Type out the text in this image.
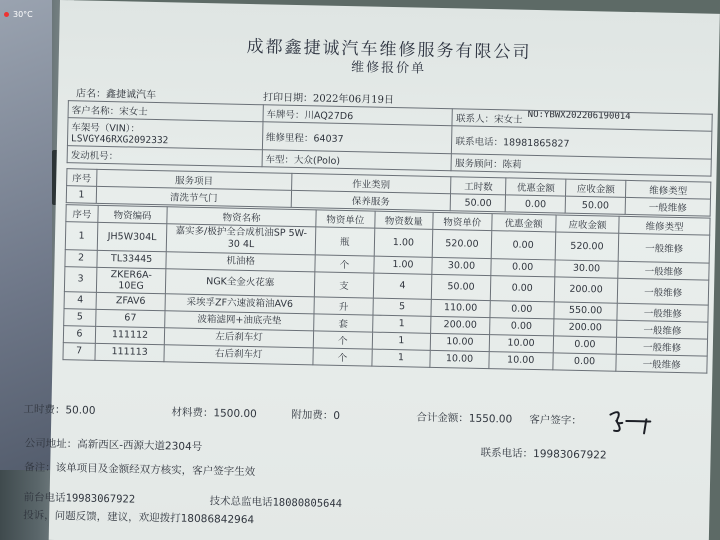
30°C
成都鑫捷诚汽车维修服务有限公司
维修报价单
店名：鑫捷诚汽车	打印日期：2022年06月19日
NO:YBWX202206190014
客户名称：宋女士	车牌号：川AQ27D6	联系人：宋女士

车架号（VIN）：
LSVGY46RXG2092332	维修里程：64037	联系电话：18981865827
发动机号：	车型：大众(Polo)	服务顾问：陈莉
序号	服务项目	作业类别	工时数	优惠金额	应收金额	维修类型
1	清洗节气门	保养服务	50.00	0.00	50.00	一般维修
序号	物资编码	物资名称	物资单位	物资数量	物资单价	优惠金额	应收金额	维修类型
1	JH5W304L	嘉实多/极护全合成机油SP 5W-30 4L	瓶	1.00	520.00	0.00	520.00	一般维修
2	TL33445	机油格	个	1.00	30.00	0.00	30.00	一般维修
3	ZKER6A-10EG	NGK全金火花塞	支	4	50.00	0.00	200.00	一般维修
4	ZFAV6	采埃孚ZF六速波箱油AV6	升	5	110.00	0.00	550.00	一般维修
5	67	波箱滤网+油底壳垫	套	1	200.00	0.00	200.00	一般维修
6	111112	左后刹车灯	个	1	10.00	10.00	0.00	一般维修
7	111113	右后刹车灯	个	1	10.00	10.00	0.00	一般维修
工时费：50.00	材料费：1500.00	附加费：0	合计金额：1550.00 客户签字：
公司地址：高新西区-西源大道2304号
联系电话：19983067922
备注：该单项目及金额经双方核实，客户签字生效
前台电话19983067922	技术总监电话18080805644
投诉，问题反馈，建议，欢迎拨打18086842964
